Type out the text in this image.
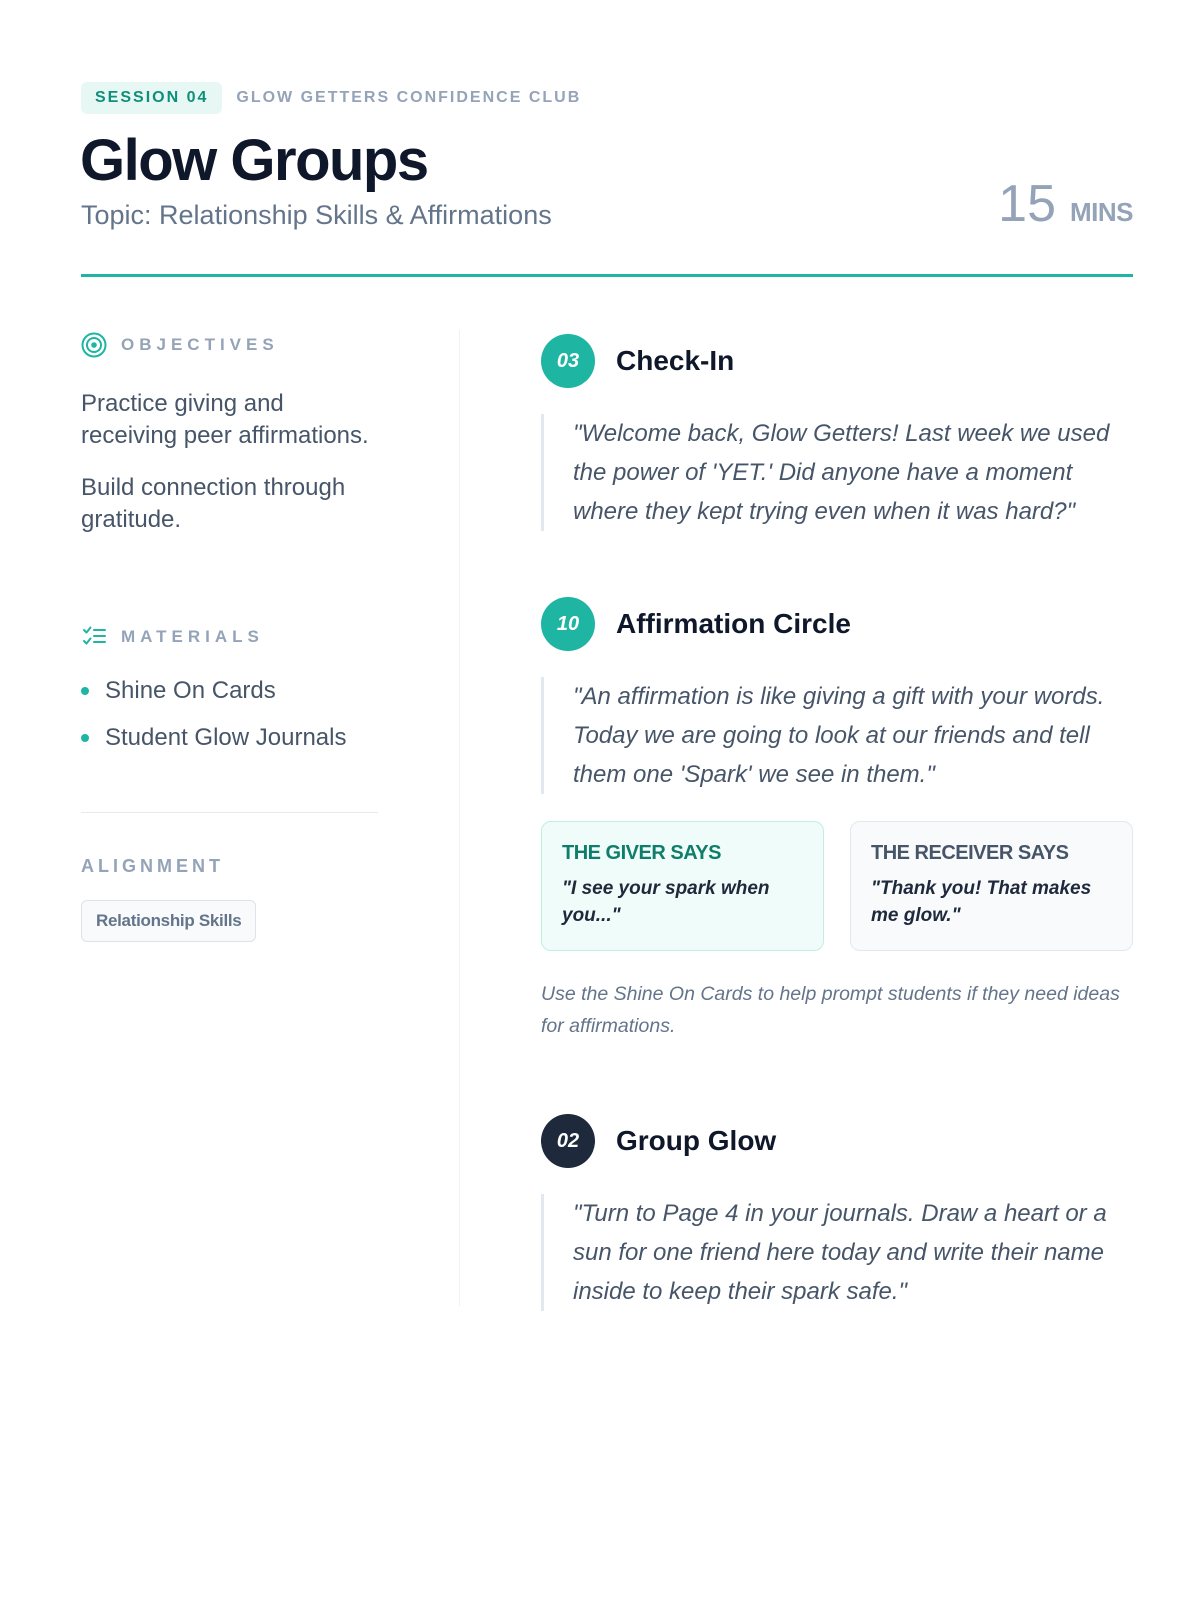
SESSION 04	GLOW GETTERS CONFIDENCE CLUB
Glow Groups
Topic: Relationship Skills & Affirmations	15 MINS
OBJECTIVES

Practice giving and receiving peer affirmations.

Build connection through gratitude.

MATERIALS
Shine On Cards
Student Glow Journals
ALIGNMENT
Relationship Skills
03	Check-In
"Welcome back, Glow Getters! Last week we used the power of 'YET.' Did anyone have a moment where they kept trying even when it was hard?"
10	Affirmation Circle
"An affirmation is like giving a gift with your words. Today we are going to look at our friends and tell them one 'Spark' we see in them."
THE GIVER SAYS
"I see your spark when you..."
THE RECEIVER SAYS
"Thank you! That makes me glow."
Use the Shine On Cards to help prompt students if they need ideas for affirmations.
02	Group Glow
"Turn to Page 4 in your journals. Draw a heart or a sun for one friend here today and write their name inside to keep their spark safe."
